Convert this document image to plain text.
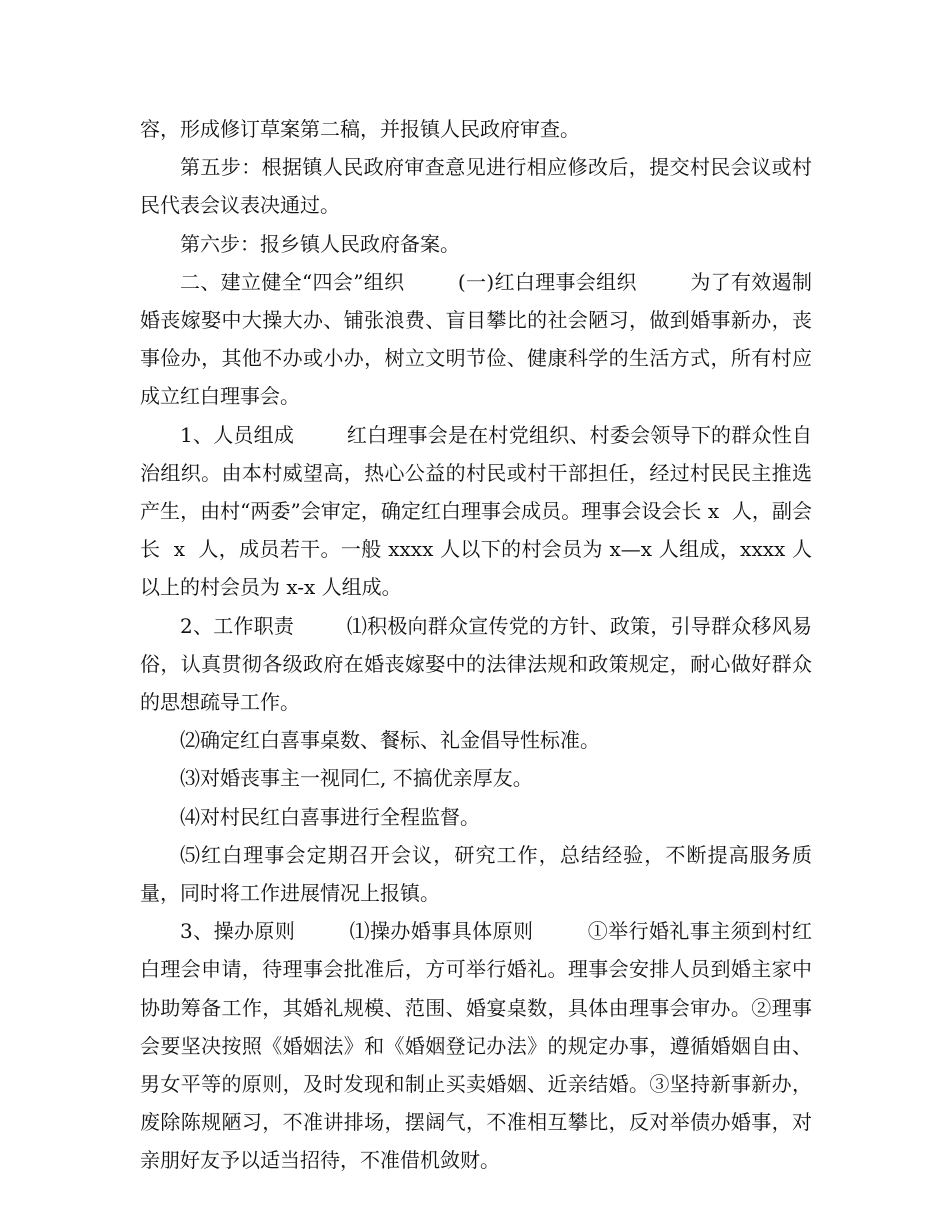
容，形成修订草案第二稿，并报镇人民政府审查。

第五步：根据镇人民政府审查意见进行相应修改后，提交村民会议或村民代表会议表决通过。

第六步：报乡镇人民政府备案。

二、建立健全“四会”组织        (一)红白理事会组织        为了有效遏制婚丧嫁娶中大操大办、铺张浪费、盲目攀比的社会陋习，做到婚事新办，丧事俭办，其他不办或小办，树立文明节俭、健康科学的生活方式，所有村应成立红白理事会。

1、人员组成        红白理事会是在村党组织、村委会领导下的群众性自治组织。由本村威望高，热心公益的村民或村干部担任，经过村民民主推选产生，由村“两委”会审定，确定红白理事会成员。理事会设会长 x  人，副会长  x  人，成员若干。一般 xxxx 人以下的村会员为 x—x 人组成，xxxx 人以上的村会员为 x-x 人组成。

2、工作职责        ⑴积极向群众宣传党的方针、政策，引导群众移风易俗，认真贯彻各级政府在婚丧嫁娶中的法律法规和政策规定，耐心做好群众的思想疏导工作。

⑵确定红白喜事桌数、餐标、礼金倡导性标准。

⑶对婚丧事主一视同仁, 不搞优亲厚友。

⑷对村民红白喜事进行全程监督。

⑸红白理事会定期召开会议，研究工作，总结经验，不断提高服务质量，同时将工作进展情况上报镇。

3、操办原则        ⑴操办婚事具体原则        ①举行婚礼事主须到村红白理会申请，待理事会批准后，方可举行婚礼。理事会安排人员到婚主家中协助筹备工作，其婚礼规模、范围、婚宴桌数，具体由理事会审办。②理事会要坚决按照《婚姻法》和《婚姻登记办法》的规定办事，遵循婚姻自由、男女平等的原则，及时发现和制止买卖婚姻、近亲结婚。③坚持新事新办，废除陈规陋习，不准讲排场，摆阔气，不准相互攀比，反对举债办婚事，对亲朋好友予以适当招待，不准借机敛财。
